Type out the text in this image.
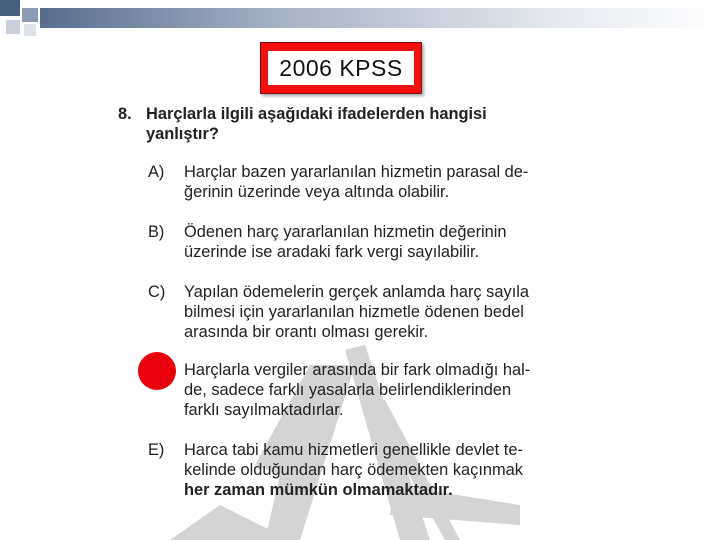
2006 KPSS
8. Harçlarla ilgili aşağıdaki ifadelerden hangisi
yanlıştır?
A)	Harçlar bazen yararlanılan hizmetin parasal de-
ğerinin üzerinde veya altında olabilir.
B)	Ödenen harç yararlanılan hizmetin değerinin
üzerinde ise aradaki fark vergi sayılabilir.
C)	Yapılan ödemelerin gerçek anlamda harç sayıla
bilmesi için yararlanılan hizmetle ödenen bedel
arasında bir orantı olması gerekir.
Harçlarla vergiler arasında bir fark olmadığı hal-
de, sadece farklı yasalarla belirlendiklerinden
farklı sayılmaktadırlar.
E)	Harca tabi kamu hizmetleri genellikle devlet te-
kelinde olduğundan harç ödemekten kaçınmak
her zaman mümkün olmamaktadır.
